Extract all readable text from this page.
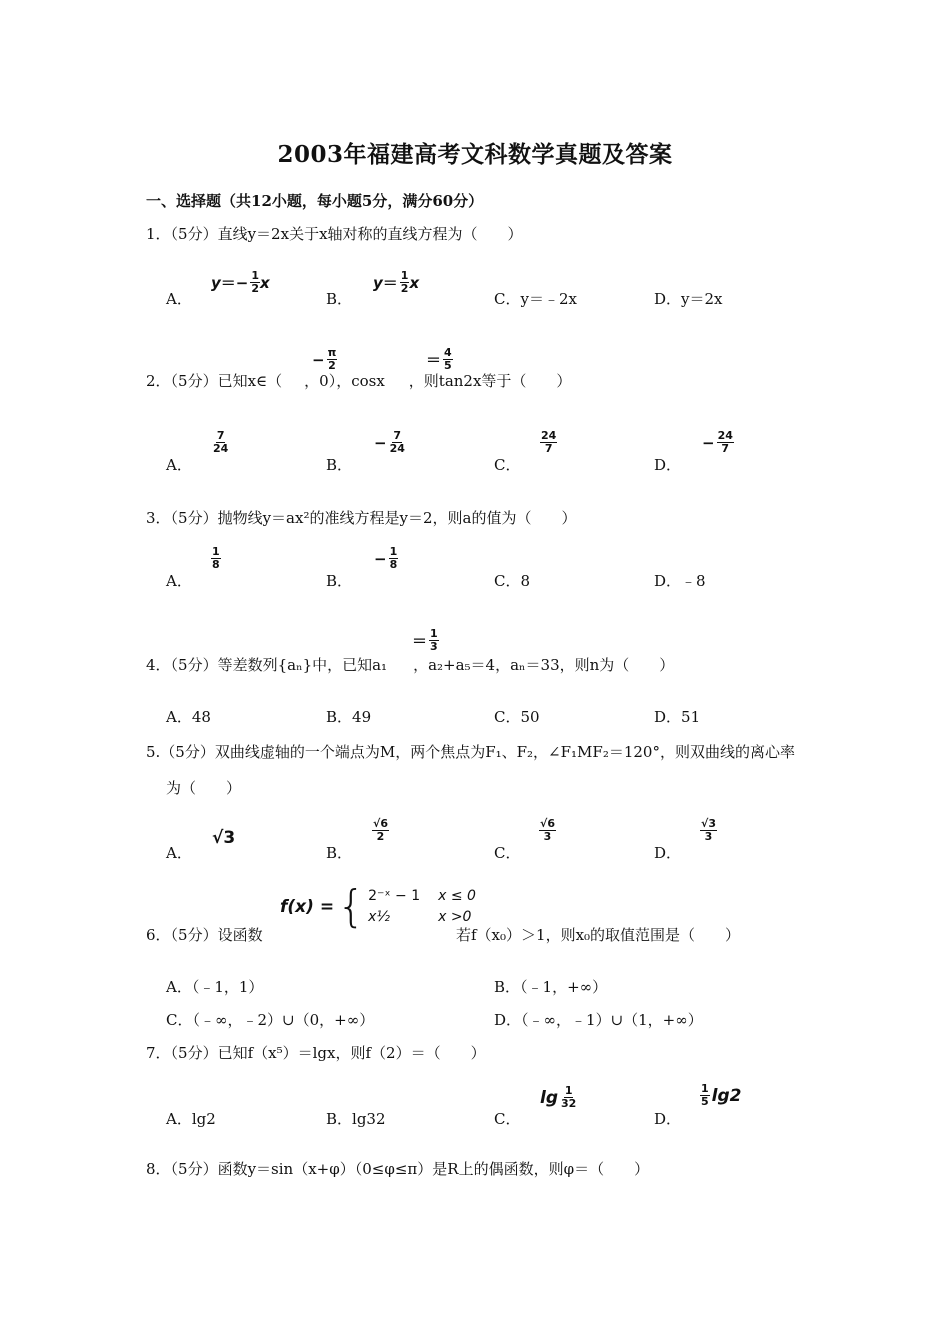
2003年福建高考文科数学真题及答案
一、选择题（共12小题，每小题5分，满分60分）
1．（5分）直线y＝2x关于x轴对称的直线方程为（　　）
A．
$y =- \frac{1}{2}$ x
B．
$y = \frac{1}{2}$ x
C．y＝﹣2x	D．y＝2x
2．（5分）已知x∈（ ，0），cosx ，则tan2x等于（　　）
− $\frac{\pi}{2}$	＝ $\frac{4}{5}$
A．
$\frac{7}{24}$
B．
− $\frac{7}{24}$
C．
$\frac{24}{7}$
D．
− $\frac{24}{7}$
3．（5分）抛物线y＝ax²的准线方程是y＝2，则a的值为（　　）
A．
$\frac{1}{8}$
B．
− $\frac{1}{8}$
C．8	D．﹣8
4．（5分）等差数列{aₙ}中，已知a₁ ，a₂+a₅＝4，aₙ＝33，则n为（　　）
＝ $\frac{1}{3}$
A．48	B．49	C．50	D．51
5.（5分）双曲线虚轴的一个端点为M，两个焦点为F₁、F₂，∠F₁MF₂＝120°，则双曲线的离心率
为（　　）
A．
√3
B．
$\frac{√6}{2}$
C．
$\frac{√6}{3}$
D．
$\frac{√3}{3}$
6．（5分）设函数
f(x) = { 2⁻ˣ − 1	x ≤ 0
x½	x >0
若f（x₀）＞1，则x₀的取值范围是（　　）
A．（﹣1，1）	B．（﹣1，+∞）
C．（﹣∞，﹣2）∪（0，+∞）	D．（﹣∞，﹣1）∪（1，+∞）
7．（5分）已知f（x⁵）＝lgx，则f（2）＝（　　）
A．lg2	B．lg32	C．
$\lg \frac{1}{32}$
D．
$\frac{1}{5} \lg 2$
8．（5分）函数y＝sin（x+φ）（0≤φ≤π）是R上的偶函数，则φ＝（　　）
